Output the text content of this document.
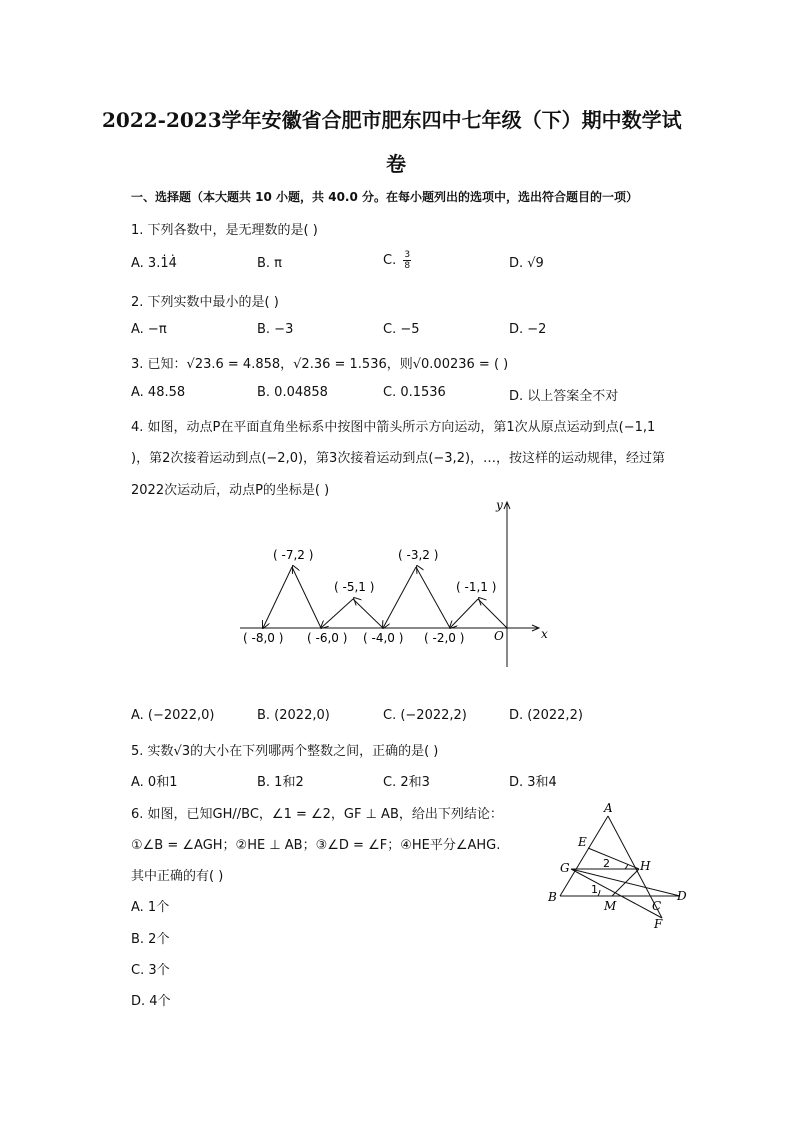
2022-2023学年安徽省合肥市肥东四中七年级（下）期中数学试
卷
一、选择题（本大题共 10 小题，共 40.0 分。在每小题列出的选项中，选出符合题目的一项）
1. 下列各数中，是无理数的是( )
A. 3.1̇4̇	B. π	C. $\frac{3}{8}$	D. √9
2. 下列实数中最小的是( )
A. −π	B. −3	C. −5	D. −2
3. 已知：√23.6 = 4.858，√2.36 = 1.536，则√0.00236 = ( )
A. 48.58	B. 0.04858	C. 0.1536	D. 以上答案全不对
4. 如图，动点P在平面直角坐标系中按图中箭头所示方向运动，第1次从原点运动到点(−1,1
)，第2次接着运动到点(−2,0)，第3次接着运动到点(−3,2)，…，按这样的运动规律，经过第
2022次运动后，动点P的坐标是( )
x
y
O
( -8,0 ) ( -6,0 ) ( -4,0 ) ( -2,0 )
( -7,2 )
( -5,1 )
( -3,2 )
( -1,1 )
A. (−2022,0)	B. (2022,0)	C. (−2022,2)	D. (2022,2)
5. 实数√3的大小在下列哪两个整数之间，正确的是( )
A. 0和1	B. 1和2	C. 2和3	D. 3和4
6. 如图，已知GH//BC，∠1 = ∠2，GF ⊥ AB，给出下列结论：
①∠B = ∠AGH；②HE ⊥ AB；③∠D = ∠F；④HE平分∠AHG.
其中正确的有( )
A. 1个
B. 2个
C. 3个
D. 4个
A
E
G	H
B
M	C
D
F
1
2
